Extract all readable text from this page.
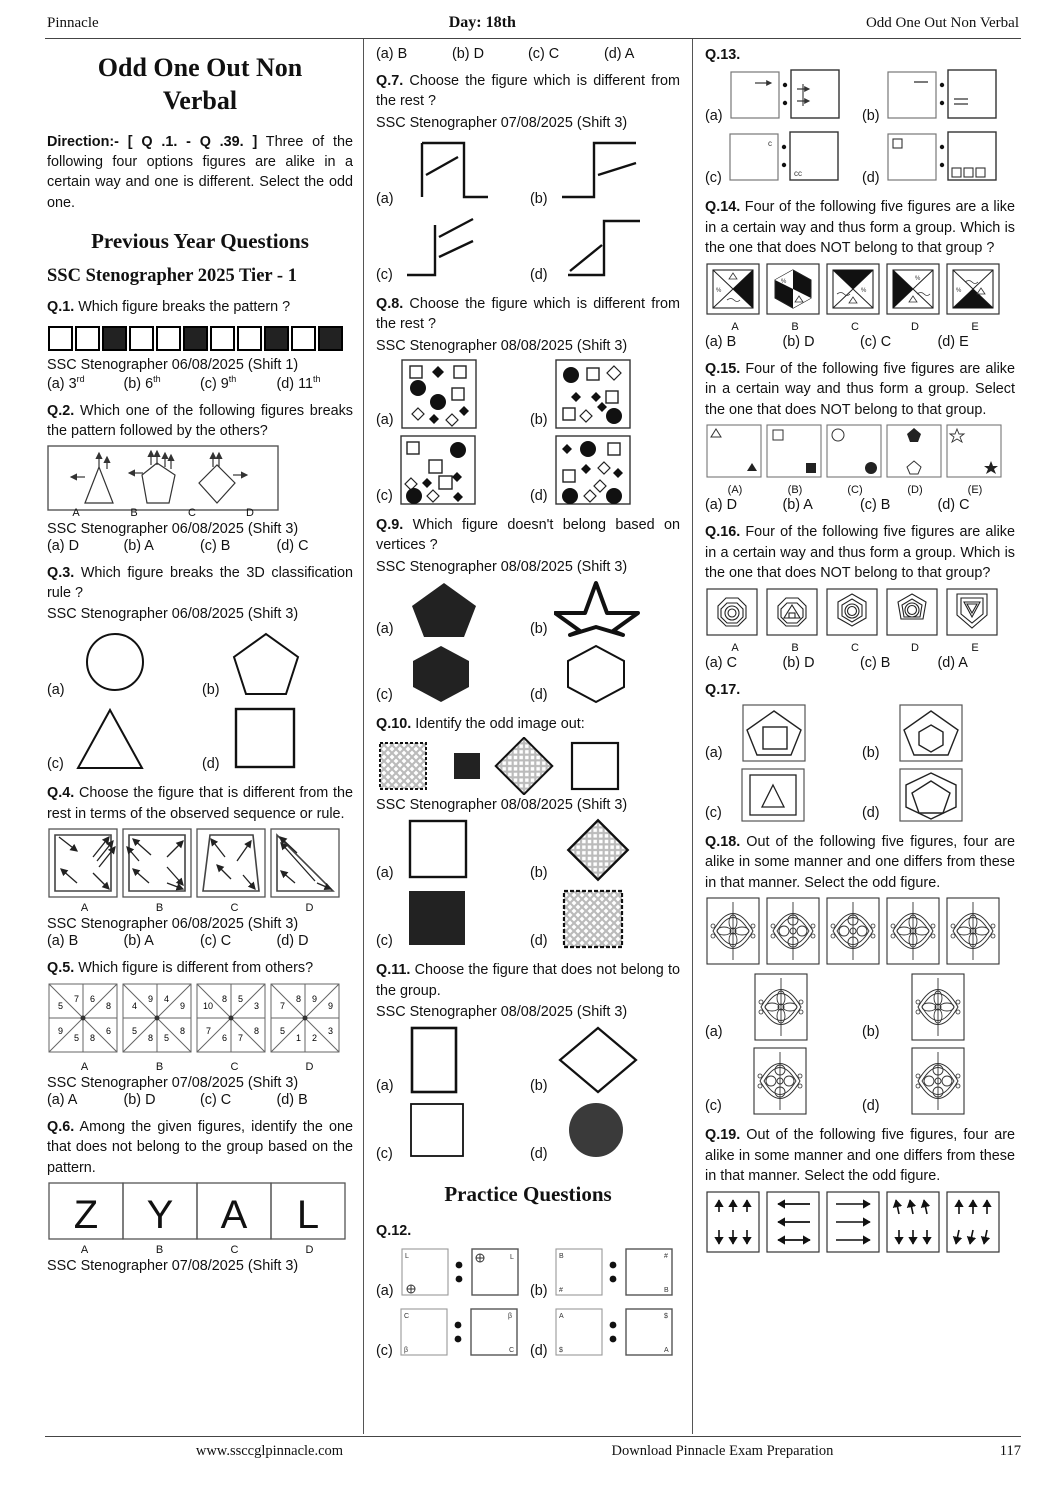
Pinnacle	Day: 18th	Odd One Out Non Verbal
Odd One Out Non
Verbal

Direction:- [ Q .1. - Q .39. ] Three of the following four options figures are alike in a certain way and one is different. Select the odd one.

Previous Year Questions
SSC Stenographer 2025 Tier - 1

Q.1. Which figure breaks the pattern ?

SSC Stenographer 06/08/2025 (Shift 1)
(a) 3rd	(b) 6th	(c) 9th	(d) 11th

Q.2. Which one of the following figures breaks the pattern followed by the others?

A	B	C	D
SSC Stenographer 06/08/2025 (Shift 3)
(a) D	(b) A	(c) B	(d) C

Q.3. Which figure breaks the 3D classification rule ?

SSC Stenographer 06/08/2025 (Shift 3)
(a)	(b)
(c)	(d)

Q.4. Choose the figure that is different from the rest in terms of the observed sequence or rule.

A	B	C	D
SSC Stenographer 06/08/2025 (Shift 3)
(a) B	(b) A	(c) C	(d) D

Q.5. Which figure is different from others?

5
7 6
8
9
5 8
6
4
9 4
9
5
8 5
8
10
8 5
3
7
6 7
8
7
8 9
9
5
1 2
3
A	B	C	D
SSC Stenographer 07/08/2025 (Shift 3)
(a) A	(b) D	(c) C	(d) B

Q.6. Among the given figures, identify the one that does not belong to the group based on the pattern.

Z Y A L
A	B	C	D
SSC Stenographer 07/08/2025 (Shift 3)
(a) B	(b) D	(c) C	(d) A

Q.7. Choose the figure which is different from the rest ?

SSC Stenographer 07/08/2025 (Shift 3)
(a)	(b)
(c)	(d)

Q.8. Choose the figure which is different from the rest ?

SSC Stenographer 08/08/2025 (Shift 3)
(a)	(b)
(c)	(d)

Q.9. Which figure doesn't belong based on vertices ?

SSC Stenographer 08/08/2025 (Shift 3)
(a)	(b)
(c)	(d)

Q.10. Identify the odd image out:

SSC Stenographer 08/08/2025 (Shift 3)
(a)	(b)
(c)	(d)

Q.11. Choose the figure that does not belong to the group.

SSC Stenographer 08/08/2025 (Shift 3)
(a)	(b)
(c)	(d)
Practice Questions

Q.12.

(a)
L	L
(b)
B
#
#
B
(c)
C
β
β
C (d)
A
$
$
A

Q.13.

(a)	(b)
(c)
c
cc	(d)

Q.14. Four of the following five figures are a like in a certain way and thus form a group. Which is the one that does NOT belong to that group ?

%
%
%
%
%
A	B	C	D	E
(a) B	(b) D	(c) C	(d) E

Q.15. Four of the following five figures are alike in a certain way and thus form a group. Select the one that does NOT belong to that group.

(A)	(B)	(C)	(D)	(E)
(a) D	(b) A	(c) B	(d) C

Q.16. Four of the following five figures are alike in a certain way and thus form a group. Which is the one that does NOT belong to that group?

A	B	C	D	E
(a) C	(b) D	(c) B	(d) A

Q.17.

(a)	(b)
(c)	(d)

Q.18. Out of the following five figures, four are alike in some manner and one differs from these in that manner. Select the odd figure.

(a)	(b)
(c)	(d)

Q.19. Out of the following five figures, four are alike in some manner and one differs from these in that manner. Select the odd figure.

www.ssccglpinnacle.com	Download Pinnacle Exam Preparation	117
